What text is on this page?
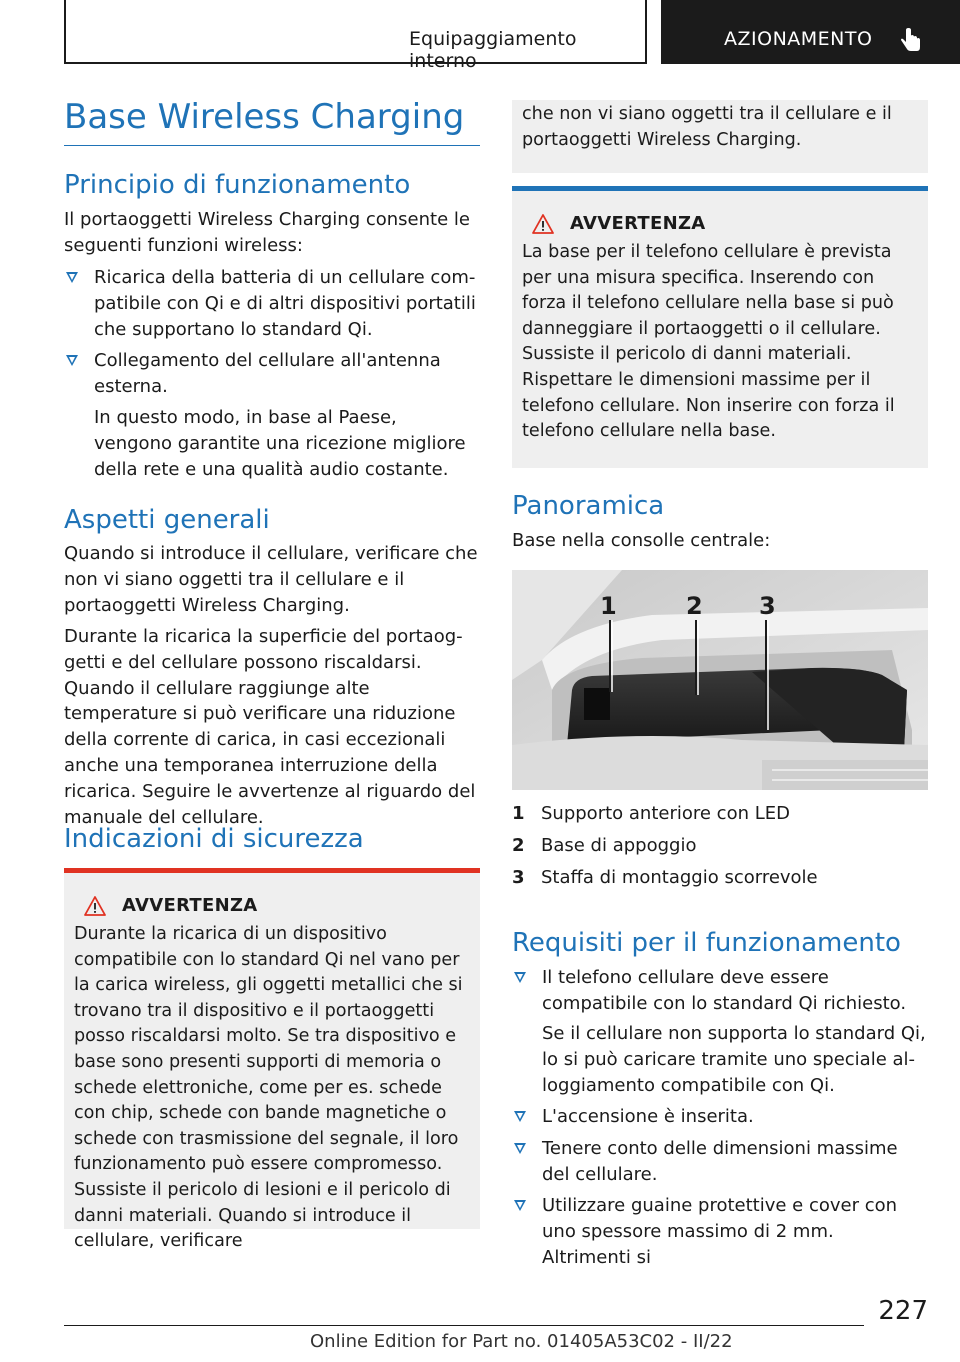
Equipaggiamento interno
AZIONAMENTO
Base Wireless Charging
Principio di funzionamento

Il portaoggetti Wireless Charging consente le seguenti funzioni wireless:

Ricarica della batteria di un cellulare compatibile con Qi e di altri dispositivi portatili che supportano lo standard Qi.
Collegamento del cellulare all'antenna esterna.

In questo modo, in base al Paese, vengono garantite una ricezione migliore della rete e una qualità audio costante.

Aspetti generali

Quando si introduce il cellulare, verificare che non vi siano oggetti tra il cellulare e il portaoggetti Wireless Charging.

Durante la ricarica la superficie del portaoggetti e del cellulare possono riscaldarsi. Quando il cellulare raggiunge alte temperature si può verificare una riduzione della corrente di carica, in casi eccezionali anche una temporanea interruzione della ricarica. Seguire le avvertenze al riguardo del manuale del cellulare.

Indicazioni di sicurezza
AVVERTENZA

Durante la ricarica di un dispositivo compatibile con lo standard Qi nel vano per la carica wireless, gli oggetti metallici che si trovano tra il dispositivo e il portaoggetti posso riscaldarsi molto. Se tra dispositivo e base sono presenti supporti di memoria o schede elettroniche, come per es. schede con chip, schede con bande magnetiche o schede con trasmissione del segnale, il loro funzionamento può essere compromesso. Sussiste il pericolo di lesioni e il pericolo di danni materiali. Quando si introduce il cellulare, verificare

che non vi siano oggetti tra il cellulare e il portaoggetti Wireless Charging.

AVVERTENZA

La base per il telefono cellulare è prevista per una misura specifica. Inserendo con forza il telefono cellulare nella base si può danneggiare il portaoggetti o il cellulare. Sussiste il pericolo di danni materiali. Rispettare le dimensioni massime per il telefono cellulare. Non inserire con forza il telefono cellulare nella base.

Panoramica

Base nella consolle centrale:

1	2 3
1 Supporto anteriore con LED
2 Base di appoggio
3 Staffa di montaggio scorrevole
Requisiti per il funzionamento
Il telefono cellulare deve essere compatibile con lo standard Qi richiesto.

Se il cellulare non supporta lo standard Qi, lo si può caricare tramite uno speciale alloggiamento compatibile con Qi.

L'accensione è inserita.
Tenere conto delle dimensioni massime del cellulare.
Utilizzare guaine protettive e cover con uno spessore massimo di 2 mm. Altrimenti si
227
Online Edition for Part no. 01405A53C02 - II/22
